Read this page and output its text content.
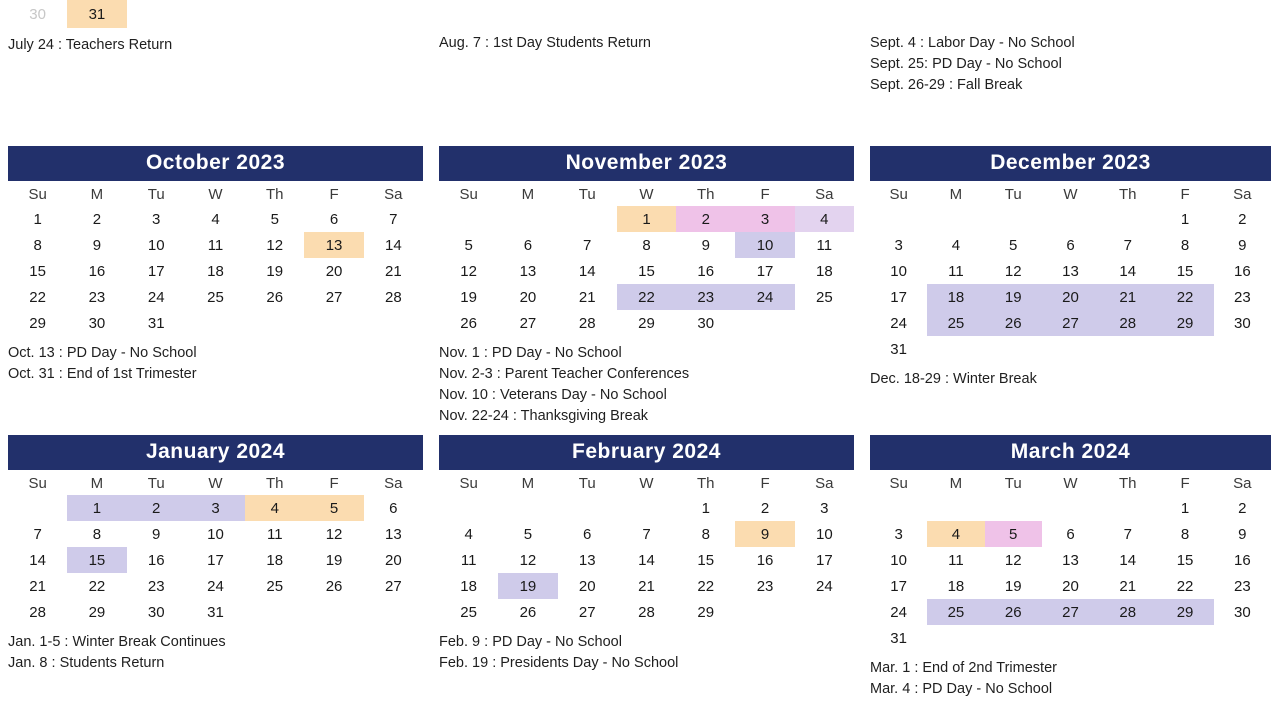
30	31					
July 24 : Teachers Return	Aug. 7 : 1st Day Students Return	Sept. 4 : Labor Day - No School
Sept. 25: PD Day - No School
Sept. 26-29 : Fall Break
October 2023
Su	M	Tu	W	Th	F	Sa
1	2	3	4	5	6	7
8	9	10	11	12	13	14
15	16	17	18	19	20	21
22	23	24	25	26	27	28
29	30	31				
Oct. 13 : PD Day - No School
Oct. 31 : End of 1st Trimester
November 2023
Su	M	Tu	W	Th	F	Sa
			1	2	3	4
5	6	7	8	9	10	11
12	13	14	15	16	17	18
19	20	21	22	23	24	25
26	27	28	29	30		
Nov. 1 : PD Day - No School
Nov. 2-3 : Parent Teacher Conferences
Nov. 10 : Veterans Day - No School
Nov. 22-24 : Thanksgiving Break
December 2023
Su	M	Tu	W	Th	F	Sa
					1	2
3	4	5	6	7	8	9
10	11	12	13	14	15	16
17	18	19	20	21	22	23
24	25	26	27	28	29	30
31						
Dec. 18-29 : Winter Break
January 2024
Su	M	Tu	W	Th	F	Sa
	1	2	3	4	5	6
7	8	9	10	11	12	13
14	15	16	17	18	19	20
21	22	23	24	25	26	27
28	29	30	31			
Jan. 1-5 : Winter Break Continues
Jan. 8 : Students Return
February 2024
Su	M	Tu	W	Th	F	Sa
				1	2	3
4	5	6	7	8	9	10
11	12	13	14	15	16	17
18	19	20	21	22	23	24
25	26	27	28	29		
Feb. 9 : PD Day - No School
Feb. 19 : Presidents Day - No School
March 2024
Su	M	Tu	W	Th	F	Sa
					1	2
3	4	5	6	7	8	9
10	11	12	13	14	15	16
17	18	19	20	21	22	23
24	25	26	27	28	29	30
31						
Mar. 1 : End of 2nd Trimester
Mar. 4 : PD Day - No School
